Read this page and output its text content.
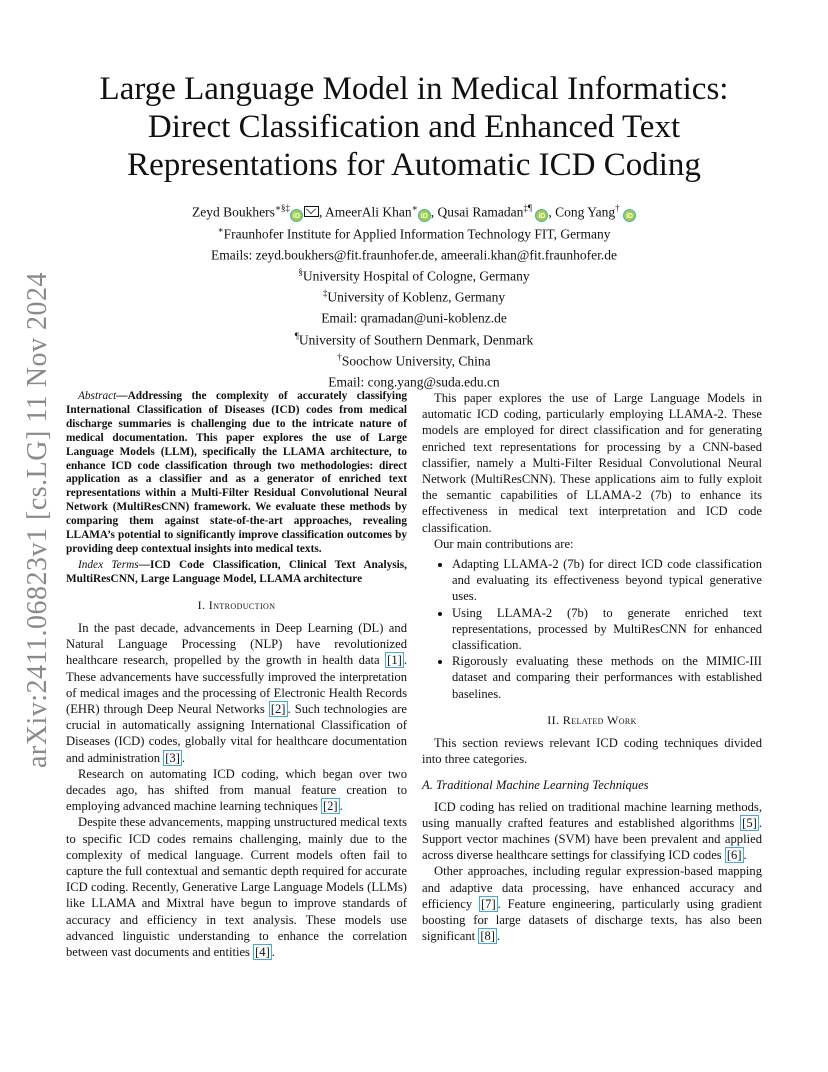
arXiv:2411.06823v1 [cs.LG] 11 Nov 2024
Large Language Model in Medical Informatics:
Direct Classification and Enhanced Text
Representations for Automatic ICD Coding
Zeyd Boukhers∗§‡iD , AmeerAli Khan∗iD , Qusai Ramadan‡¶ iD , Cong Yang† iD
∗Fraunhofer Institute for Applied Information Technology FIT, Germany
Emails: zeyd.boukhers@fit.fraunhofer.de, ameerali.khan@fit.fraunhofer.de
§University Hospital of Cologne, Germany
‡University of Koblenz, Germany
Email: qramadan@uni-koblenz.de
¶University of Southern Denmark, Denmark
†Soochow University, China
Email: cong.yang@suda.edu.cn

Abstract—Addressing the complexity of accurately classifying International Classification of Diseases (ICD) codes from medical discharge summaries is challenging due to the intricate nature of medical documentation. This paper explores the use of Large Language Models (LLM), specifically the LLAMA architecture, to enhance ICD code classification through two methodologies: direct application as a classifier and as a generator of enriched text representations within a Multi-Filter Residual Convolutional Neural Network (MultiResCNN) framework. We evaluate these methods by comparing them against state-of-the-art approaches, revealing LLAMA’s potential to significantly improve classification outcomes by providing deep contextual insights into medical texts.

Index Terms—ICD Code Classification, Clinical Text Analysis, MultiResCNN, Large Language Model, LLAMA architecture

I. Introduction

In the past decade, advancements in Deep Learning (DL) and Natural Language Processing (NLP) have revolutionized healthcare research, propelled by the growth in health data [1] . These advancements have successfully improved the interpretation of medical images and the processing of Electronic Health Records (EHR) through Deep Neural Networks [2] . Such technologies are crucial in automatically assigning International Classification of Diseases (ICD) codes, globally vital for healthcare documentation and administration [3] .

Research on automating ICD coding, which began over two decades ago, has shifted from manual feature creation to employing advanced machine learning techniques [2] .

Despite these advancements, mapping unstructured medical texts to specific ICD codes remains challenging, mainly due to the complexity of medical language. Current models often fail to capture the full contextual and semantic depth required for accurate ICD coding. Recently, Generative Large Language Models (LLMs) like LLAMA and Mixtral have begun to improve standards of accuracy and efficiency in text analysis. These models use advanced linguistic understanding to enhance the correlation between vast documents and entities [4] .

This paper explores the use of Large Language Models in automatic ICD coding, particularly employing LLAMA-2. These models are employed for direct classification and for generating enriched text representations for processing by a CNN-based classifier, namely a Multi-Filter Residual Convolutional Neural Network (MultiResCNN). These applications aim to fully exploit the semantic capabilities of LLAMA-2 (7b) to enhance its effectiveness in medical text interpretation and ICD code classification.

Our main contributions are:

• Adapting LLAMA-2 (7b) for direct ICD code classification and evaluating its effectiveness beyond typical generative uses.
• Using LLAMA-2 (7b) to generate enriched text representations, processed by MultiResCNN for enhanced classification.
• Rigorously evaluating these methods on the MIMIC-III dataset and comparing their performances with established baselines.
II. Related Work

This section reviews relevant ICD coding techniques divided into three categories.

A. Traditional Machine Learning Techniques

ICD coding has relied on traditional machine learning methods, using manually crafted features and established algorithms [5] . Support vector machines (SVM) have been prevalent and applied across diverse healthcare settings for classifying ICD codes [6] .

Other approaches, including regular expression-based mapping and adaptive data processing, have enhanced accuracy and efficiency [7] . Feature engineering, particularly using gradient boosting for large datasets of discharge texts, has also been significant [8] .
